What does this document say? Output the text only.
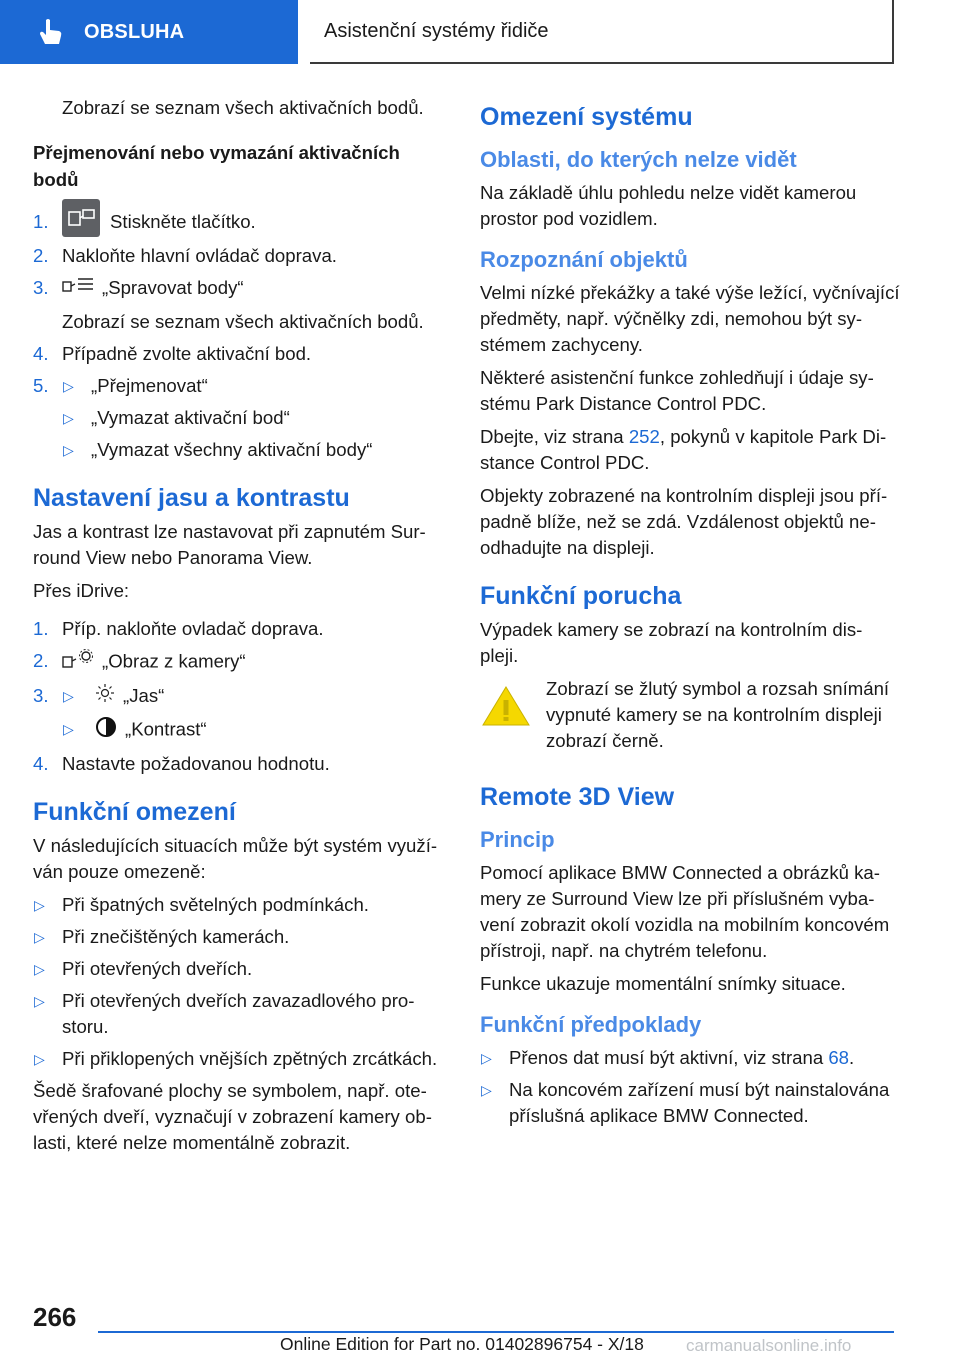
OBSLUHA	Asistenční systémy řidiče

Zobrazí se seznam všech aktivačních bodů.

Přejmenování nebo vymazání aktivačních bodů
1.	Stiskněte tlačítko.
2. Nakloňte hlavní ovládač doprava.
3.	„Spravovat body“
Zobrazí se seznam všech aktivačních bodů.
4. Případně zvolte aktivační bod.
5. ▷ „Přejmenovat“
▷ „Vymazat aktivační bod“
▷ „Vymazat všechny aktivační body“
Nastavení jasu a kontrastu

Jas a kontrast lze nastavovat při zapnutém Sur- round View nebo Panorama View.

Přes iDrive:

1. Příp. nakloňte ovladač doprava.
2.	„Obraz z kamery“
3. ▷	„Jas“
▷	„Kontrast“
4. Nastavte požadovanou hodnotu.
Funkční omezení

V následujících situacích může být systém využí- ván pouze omezeně:

▷ Při špatných světelných podmínkách.
▷ Při znečištěných kamerách.
▷ Při otevřených dveřích.
▷ Při otevřených dveřích zavazadlového pro- storu.
▷ Při přiklopených vnějších zpětných zrcátkách.

Šedě šrafované plochy se symbolem, např. ote- vřených dveří, vyznačují v zobrazení kamery ob- lasti, které nelze momentálně zobrazit.

Omezení systému
Oblasti, do kterých nelze vidět

Na základě úhlu pohledu nelze vidět kamerou prostor pod vozidlem.

Rozpoznání objektů

Velmi nízké překážky a také výše ležící, vyčnívající předměty, např. výčnělky zdi, nemohou být sy- stémem zachyceny.

Některé asistenční funkce zohledňují i údaje sy- stému Park Distance Control PDC.

Dbejte, viz strana 252, pokynů v kapitole Park Di- stance Control PDC.

Objekty zobrazené na kontrolním displeji jsou pří- padně blíže, než se zdá. Vzdálenost objektů ne- odhadujte na displeji.

Funkční porucha

Výpadek kamery se zobrazí na kontrolním dis- pleji.

Zobrazí se žlutý symbol a rozsah snímání vypnuté kamery se na kontrolním displeji zobrazí černě.

Remote 3D View
Princip

Pomocí aplikace BMW Connected a obrázků ka- mery ze Surround View lze při příslušném vyba- vení zobrazit okolí vozidla na mobilním koncovém přístroji, např. na chytrém telefonu.

Funkce ukazuje momentální snímky situace.

Funkční předpoklady
▷ Přenos dat musí být aktivní, viz strana 68.
▷ Na koncovém zařízení musí být nainstalována příslušná aplikace BMW Connected.
266
Online Edition for Part no. 01402896754 - X/18 carmanualsonline.info
